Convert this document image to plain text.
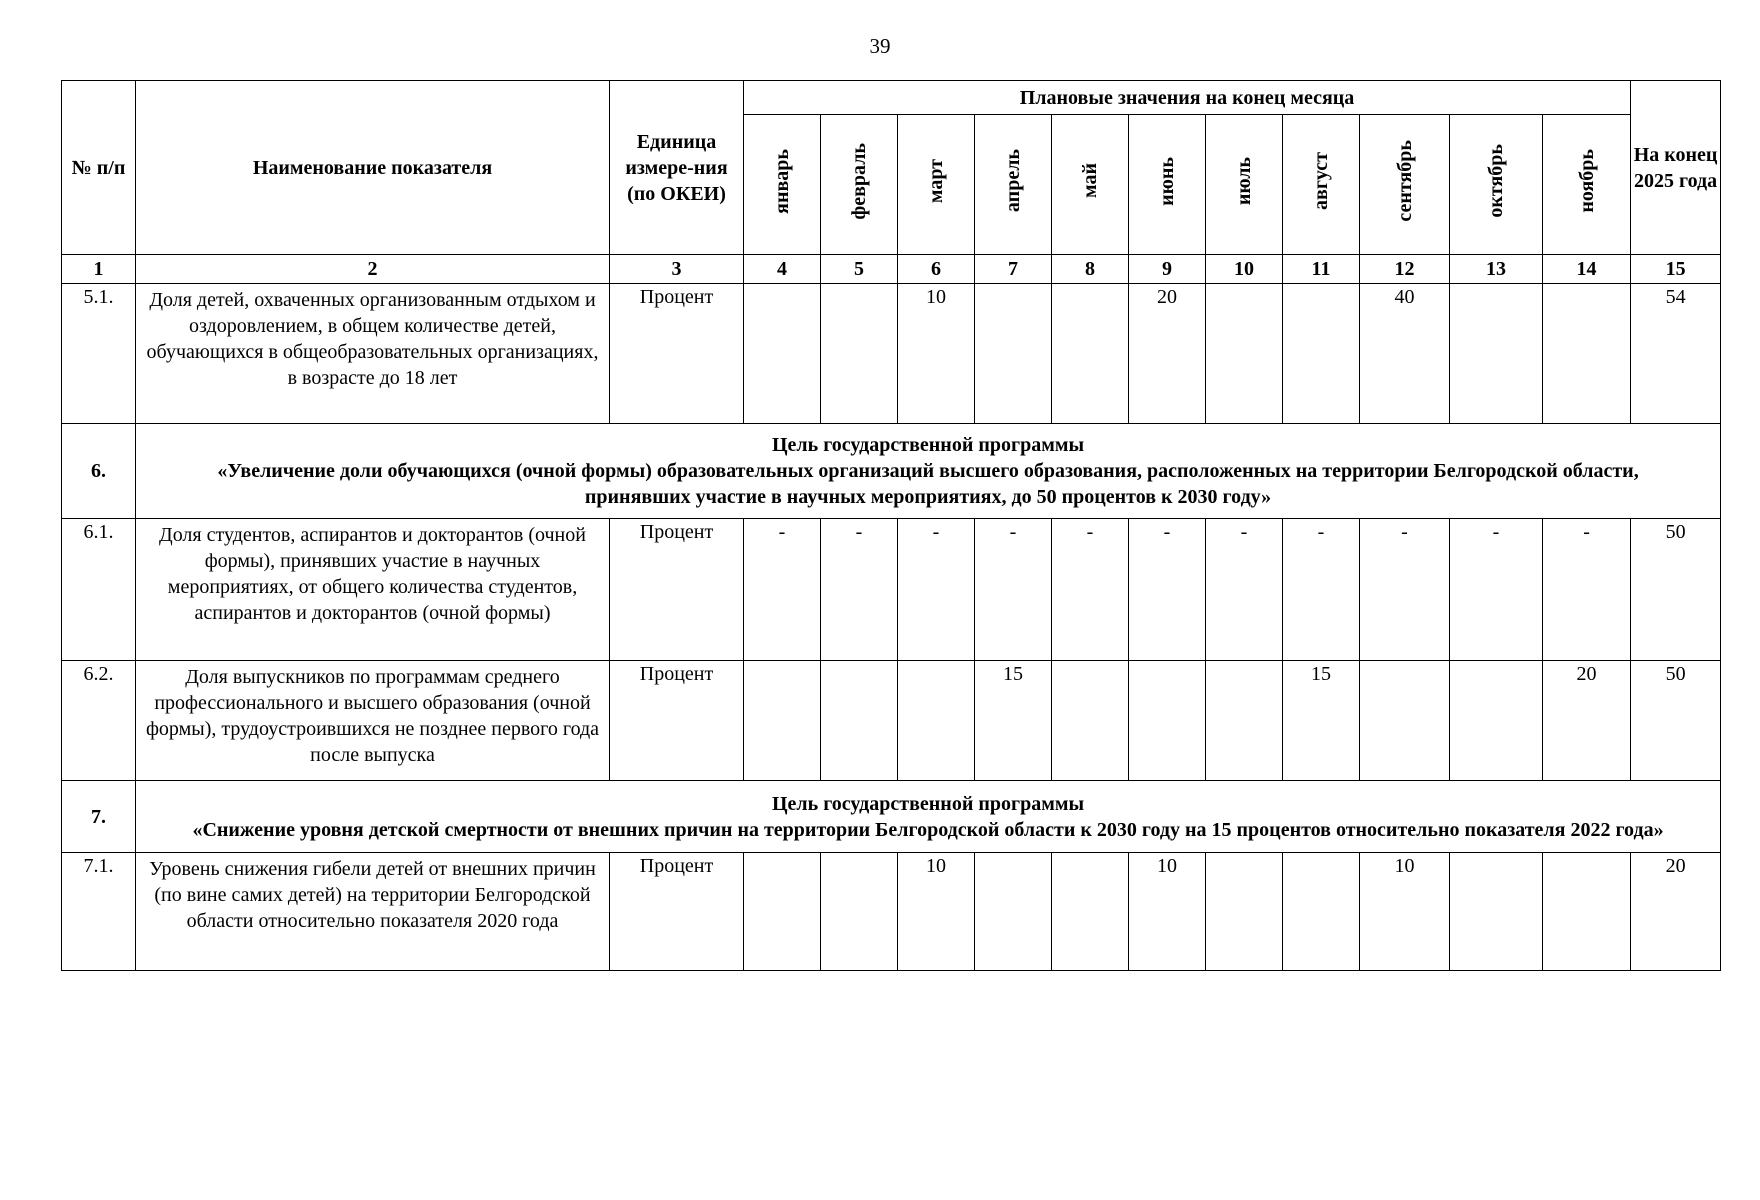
39
№ п/п	Наименование показателя	Единица измере-ния (по ОКЕИ)	Плановые значения на конец месяца											На конец 2025 года
			январь	февраль	март	апрель	май	июнь	июль	август	сентябрь	октябрь	ноябрь	
1	2	3	4	5	6	7	8	9	10	11	12	13	14	15
5.1.	Доля детей, охваченных организованным отдыхом и оздоровлением, в общем количестве детей, обучающихся в общеобразовательных организациях, в возрасте до 18 лет	Процент			10			20			40			54
6.	Цель государственной программы
«Увеличение доли обучающихся (очной формы) образовательных организаций высшего образования, расположенных на территории Белгородской области, принявших участие в научных мероприятиях, до 50 процентов к 2030 году»													

6.1.	Доля студентов, аспирантов и докторантов (очной формы), принявших участие в научных мероприятиях, от общего количества студентов, аспирантов и докторантов (очной формы)	Процент	-	-	-	-	-	-	-	-	-	-	-	50
6.2.	Доля выпускников по программам среднего профессионального и высшего образования (очной формы), трудоустроившихся не позднее первого года после выпуска	Процент				15				15			20	50
7.	Цель государственной программы
«Снижение уровня детской смертности от внешних причин на территории Белгородской области к 2030 году на 15 процентов относительно показателя 2022 года»													

7.1.	Уровень снижения гибели детей от внешних причин (по вине самих детей) на территории Белгородской области относительно показателя 2020 года	Процент			10			10			10			20
